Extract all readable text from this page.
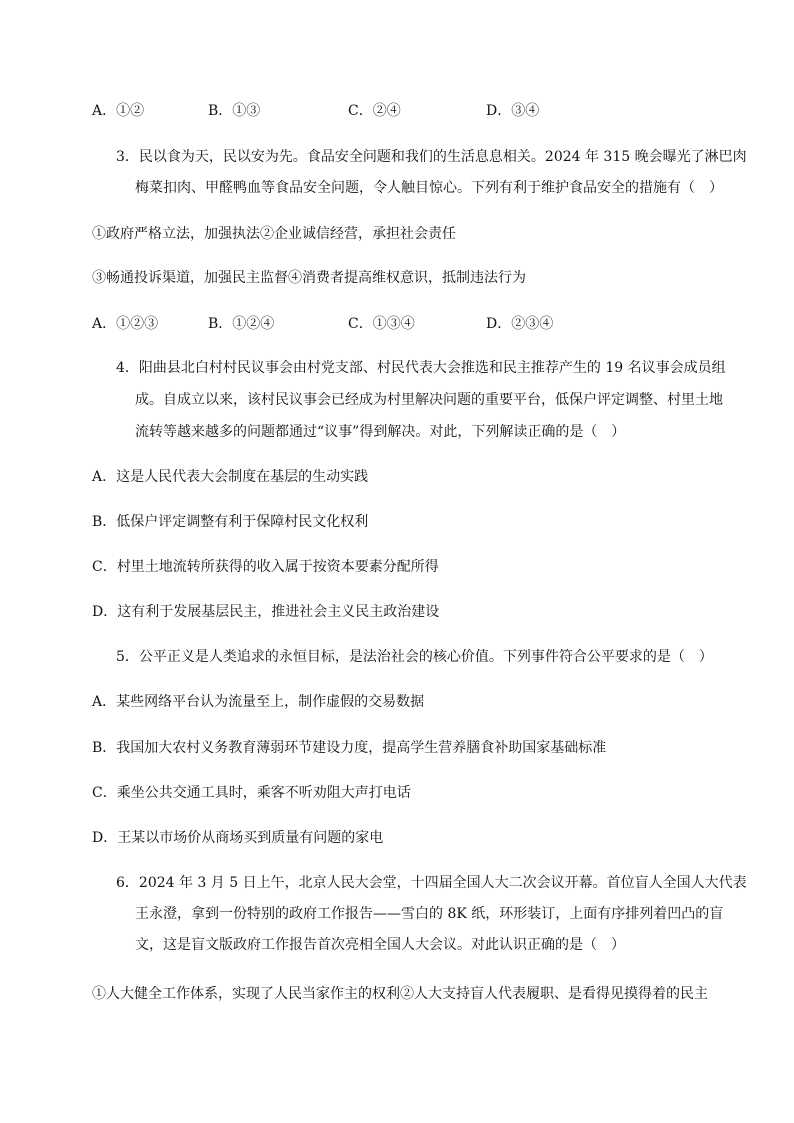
A．①②	B．①③	C．②④	D．③④
3．民以食为天，民以安为先。食品安全问题和我们的生活息息相关。2024 年 315 晚会曝光了淋巴肉
梅菜扣肉、甲醛鸭血等食品安全问题，令人触目惊心。下列有利于维护食品安全的措施有（　）
①政府严格立法，加强执法②企业诚信经营，承担社会责任
③畅通投诉渠道，加强民主监督④消费者提高维权意识，抵制违法行为
A．①②③	B．①②④	C．①③④	D．②③④
4．阳曲县北白村村民议事会由村党支部、村民代表大会推选和民主推荐产生的 19 名议事会成员组
成。自成立以来，该村民议事会已经成为村里解决问题的重要平台，低保户评定调整、村里土地
流转等越来越多的问题都通过“议事”得到解决。对此，下列解读正确的是（　）
A．这是人民代表大会制度在基层的生动实践
B．低保户评定调整有利于保障村民文化权利
C．村里土地流转所获得的收入属于按资本要素分配所得
D．这有利于发展基层民主，推进社会主义民主政治建设
5．公平正义是人类追求的永恒目标，是法治社会的核心价值。下列事件符合公平要求的是（　）
A．某些网络平台认为流量至上，制作虚假的交易数据
B．我国加大农村义务教育薄弱环节建设力度，提高学生营养膳食补助国家基础标准
C．乘坐公共交通工具时，乘客不听劝阻大声打电话
D．王某以市场价从商场买到质量有问题的家电
6．2024 年 3 月 5 日上午，北京人民大会堂，十四届全国人大二次会议开幕。首位盲人全国人大代表
王永澄，拿到一份特别的政府工作报告——雪白的 8K 纸，环形装订，上面有序排列着凹凸的盲
文，这是盲文版政府工作报告首次亮相全国人大会议。对此认识正确的是（　）
①人大健全工作体系，实现了人民当家作主的权利②人大支持盲人代表履职、是看得见摸得着的民主
